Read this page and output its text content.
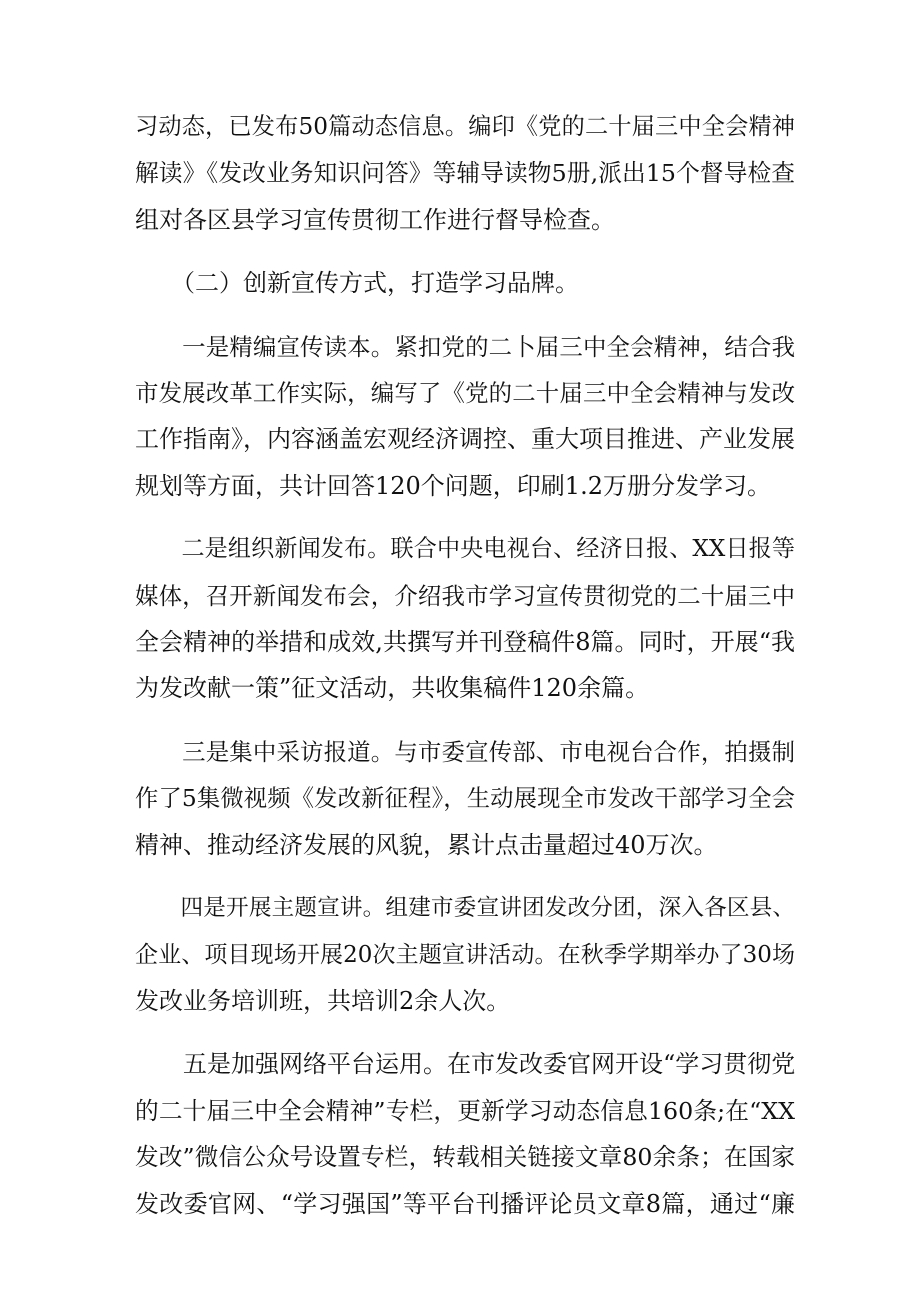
习动态，已发布50篇动态信息。编印《党的二十届三中全会精神
解读》《发改业务知识问答》等辅导读物5册,派出15个督导检查
组对各区县学习宣传贯彻工作进行督导检查。
　　（二）创新宣传方式，打造学习品牌。
　　一是精编宣传读本。紧扣党的二卜届三中全会精神，结合我
市发展改革工作实际，编写了《党的二十届三中全会精神与发改
工作指南》，内容涵盖宏观经济调控、重大项目推进、产业发展
规划等方面，共计回答120个问题，印刷1.2万册分发学习。
　　二是组织新闻发布。联合中央电视台、经济日报、XX日报等
媒体，召开新闻发布会，介绍我市学习宣传贯彻党的二十届三中
全会精神的举措和成效,共撰写并刊登稿件8篇。同时，开展“我
为发改献一策”征文活动，共收集稿件120余篇。
　　三是集中采访报道。与市委宣传部、市电视台合作，拍摄制
作了5集微视频《发改新征程》，生动展现全市发改干部学习全会
精神、推动经济发展的风貌，累计点击量超过40万次。
　　四是开展主题宣讲。组建市委宣讲团发改分团，深入各区县、
企业、项目现场开展20次主题宣讲活动。在秋季学期举办了30场
发改业务培训班，共培训2余人次。
　　五是加强网络平台运用。在市发改委官网开设“学习贯彻党
的二十届三中全会精神”专栏，更新学习动态信息160条;在“XX
发改”微信公众号设置专栏，转载相关链接文章80余条；在国家
发改委官网、“学习强国”等平台刊播评论员文章8篇，通过“廉
